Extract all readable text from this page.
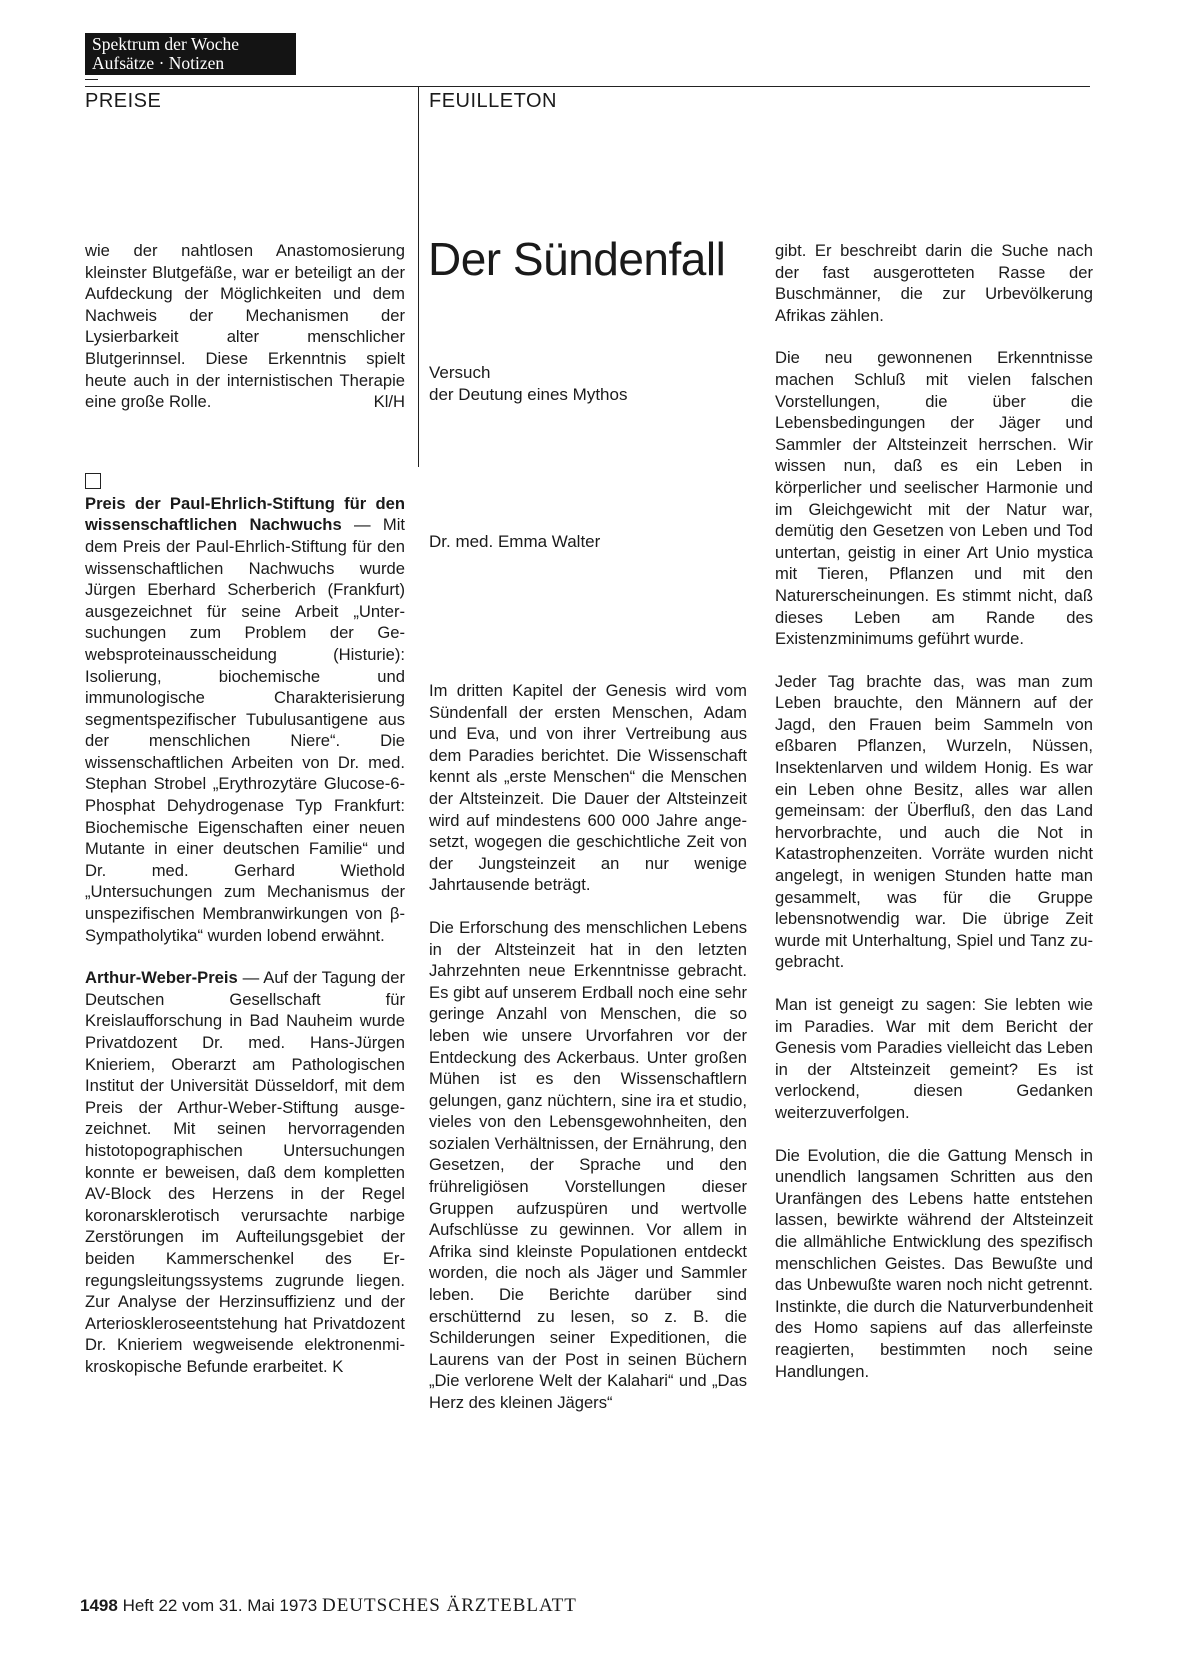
Spektrum der Woche
Aufsätze · Notizen
PREISE	FEUILLETON

wie der nahtlosen Anastomosierung kleinster Blutgefäße, war er beteiligt an der Aufdeckung der Möglichkeiten und dem Nachweis der Mechanismen der Lysierbarkeit alter menschlicher Blutgerinnsel. Diese Erkenntnis spielt heute auch in der internistischen Therapie eine große Rolle.	Kl/H

Preis der Paul-Ehrlich-Stiftung für den wissenschaftlichen Nachwuchs — Mit dem Preis der Paul-Ehrlich-Stiftung für den wissenschaftlichen Nachwuchs wurde Jürgen Eberhard Scherberich (Frankfurt) ausgezeichnet für seine Arbeit „Untersuchungen zum Problem der Gewebsproteinausscheidung (Histurie): Isolierung, biochemische und immunologische Charakterisierung segmentspezifischer Tubulusantigene aus der menschlichen Niere“. Die wissenschaftlichen Arbeiten von Dr. med. Stephan Strobel „Erythrozytäre Glucose-6-Phosphat Dehydrogenase Typ Frankfurt: Biochemische Eigenschaften einer neuen Mutante in einer deutschen Familie“ und Dr. med. Gerhard Wiethold „Untersuchungen zum Mechanismus der unspezifischen Membranwirkungen von β-Sympatholytika“ wurden lobend erwähnt.

Arthur-Weber-Preis — Auf der Tagung der Deutschen Gesellschaft für Kreislaufforschung in Bad Nauheim wurde Privatdozent Dr. med. Hans-Jürgen Knieriem, Oberarzt am Pathologischen Institut der Universität Düsseldorf, mit dem Preis der Arthur-Weber-Stiftung ausgezeichnet. Mit seinen hervorragenden histotopographischen Untersuchungen konnte er beweisen, daß dem kompletten AV-Block des Herzens in der Regel koronarsklerotisch verursachte narbige Zerstörungen im Aufteilungsgebiet der beiden Kammerschenkel des Erregungsleitungssystems zugrunde liegen. Zur Analyse der Herzinsuffizienz und der Arterioskleroseentstehung hat Privatdozent Dr. Knieriem wegweisende elektronenmikroskopische Befunde erarbeitet. K

Der Sündenfall
Versuch
der Deutung eines Mythos
Dr. med. Emma Walter

Im dritten Kapitel der Genesis wird vom Sündenfall der ersten Menschen, Adam und Eva, und von ihrer Vertreibung aus dem Paradies berichtet. Die Wissenschaft kennt als „erste Menschen“ die Menschen der Altsteinzeit. Die Dauer der Altsteinzeit wird auf mindestens 600 000 Jahre angesetzt, wogegen die geschichtliche Zeit von der Jungsteinzeit an nur wenige Jahrtausende beträgt.

Die Erforschung des menschlichen Lebens in der Altsteinzeit hat in den letzten Jahrzehnten neue Erkenntnisse gebracht. Es gibt auf unserem Erdball noch eine sehr geringe Anzahl von Menschen, die so leben wie unsere Urvorfahren vor der Entdeckung des Ackerbaus. Unter großen Mühen ist es den Wissenschaftlern gelungen, ganz nüchtern, sine ira et studio, vieles von den Lebensgewohnheiten, den sozialen Verhältnissen, der Ernährung, den Gesetzen, der Sprache und den frühreligiösen Vorstellungen dieser Gruppen aufzuspüren und wertvolle Aufschlüsse zu gewinnen. Vor allem in Afrika sind kleinste Populationen entdeckt worden, die noch als Jäger und Sammler leben. Die Berichte darüber sind erschütternd zu lesen, so z. B. die Schilderungen seiner Expeditionen, die Laurens van der Post in seinen Büchern „Die verlorene Welt der Kalahari“ und „Das Herz des kleinen Jägers“

gibt. Er beschreibt darin die Suche nach der fast ausgerotteten Rasse der Buschmänner, die zur Urbevölkerung Afrikas zählen.

Die neu gewonnenen Erkenntnisse machen Schluß mit vielen falschen Vorstellungen, die über die Lebensbedingungen der Jäger und Sammler der Altsteinzeit herrschen. Wir wissen nun, daß es ein Leben in körperlicher und seelischer Harmonie und im Gleichgewicht mit der Natur war, demütig den Gesetzen von Leben und Tod untertan, geistig in einer Art Unio mystica mit Tieren, Pflanzen und mit den Naturerscheinungen. Es stimmt nicht, daß dieses Leben am Rande des Existenzminimums geführt wurde.

Jeder Tag brachte das, was man zum Leben brauchte, den Männern auf der Jagd, den Frauen beim Sammeln von eßbaren Pflanzen, Wurzeln, Nüssen, Insektenlarven und wildem Honig. Es war ein Leben ohne Besitz, alles war allen gemeinsam: der Überfluß, den das Land hervorbrachte, und auch die Not in Katastrophenzeiten. Vorräte wurden nicht angelegt, in wenigen Stunden hatte man gesammelt, was für die Gruppe lebensnotwendig war. Die übrige Zeit wurde mit Unterhaltung, Spiel und Tanz zugebracht.

Man ist geneigt zu sagen: Sie lebten wie im Paradies. War mit dem Bericht der Genesis vom Paradies vielleicht das Leben in der Altsteinzeit gemeint? Es ist verlockend, diesen Gedanken weiterzuverfolgen.

Die Evolution, die die Gattung Mensch in unendlich langsamen Schritten aus den Uranfängen des Lebens hatte entstehen lassen, bewirkte während der Altsteinzeit die allmähliche Entwicklung des spezifisch menschlichen Geistes. Das Bewußte und das Unbewußte waren noch nicht getrennt. Instinkte, die durch die Naturverbundenheit des Homo sapiens auf das allerfeinste reagierten, bestimmten noch seine Handlungen.

1498 Heft 22 vom 31. Mai 1973 DEUTSCHES ÄRZTEBLATT
